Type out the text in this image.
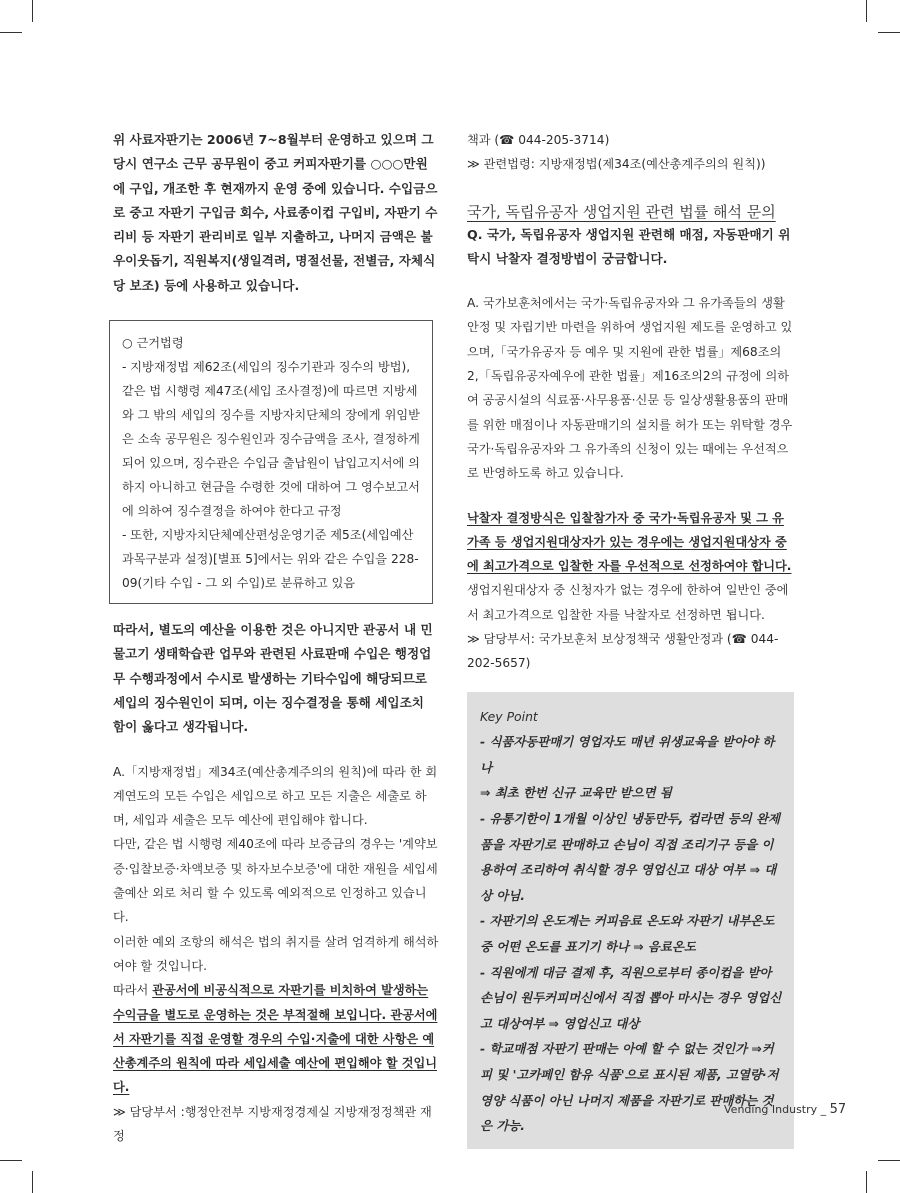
위 사료자판기는 2006년 7~8월부터 운영하고 있으며 그 당시 연구소 근무 공무원이 중고 커피자판기를 ○○○만원에 구입, 개조한 후 현재까지 운영 중에 있습니다. 수입금으로 중고 자판기 구입금 회수, 사료종이컵 구입비, 자판기 수리비 등 자판기 관리비로 일부 지출하고, 나머지 금액은 불우이웃돕기, 직원복지(생일격려, 명절선물, 전별금, 자체식당 보조) 등에 사용하고 있습니다.

○ 근거법령

- 지방재정법 제62조(세입의 징수기관과 징수의 방법), 같은 법 시행령 제47조(세입 조사결정)에 따르면 지방세와 그 밖의 세입의 징수를 지방자치단체의 장에게 위임받은 소속 공무원은 징수원인과 징수금액을 조사, 결정하게 되어 있으며, 징수관은 수입금 출납원이 납입고지서에 의하지 아니하고 현금을 수령한 것에 대하여 그 영수보고서에 의하여 징수결정을 하여야 한다고 규정

- 또한, 지방자치단체예산편성운영기준 제5조(세입예산 과목구분과 설정)[별표 5]에서는 위와 같은 수입을 228-09(기타 수입 - 그 외 수입)로 분류하고 있음

따라서, 별도의 예산을 이용한 것은 아니지만 관공서 내 민물고기 생태학습관 업무와 관련된 사료판매 수입은 행정업무 수행과정에서 수시로 발생하는 기타수입에 해당되므로 세입의 징수원인이 되며, 이는 징수결정을 통해 세입조치 함이 옳다고 생각됩니다.

A.「지방재정법」제34조(예산총계주의의 원칙)에 따라 한 회계연도의 모든 수입은 세입으로 하고 모든 지출은 세출로 하며, 세입과 세출은 모두 예산에 편입해야 합니다.

다만, 같은 법 시행령 제40조에 따라 보증금의 경우는 '계약보증·입찰보증·차액보증 및 하자보수보증'에 대한 재원을 세입세출예산 외로 처리 할 수 있도록 예외적으로 인정하고 있습니다.

이러한 예외 조항의 해석은 법의 취지를 살려 엄격하게 해석하여야 할 것입니다.

따라서 관공서에 비공식적으로 자판기를 비치하여 발생하는 수익금을 별도로 운영하는 것은 부적절해 보입니다. 관공서에서 자판기를 직접 운영할 경우의 수입·지출에 대한 사항은 예산총계주의 원칙에 따라 세입세출 예산에 편입해야 할 것입니다.

≫ 담당부서 :행정안전부 지방재정경제실 지방재정정책관 재정

책과 (☎ 044-205-3714)

≫ 관련법령: 지방재정법(제34조(예산총계주의의 원칙))

국가, 독립유공자 생업지원 관련 법률 해석 문의

Q. 국가, 독립유공자 생업지원 관련해 매점, 자동판매기 위탁시 낙찰자 결정방법이 궁금합니다.

A. 국가보훈처에서는 국가·독립유공자와 그 유가족들의 생활안정 및 자립기반 마련을 위하여 생업지원 제도를 운영하고 있으며,「국가유공자 등 예우 및 지원에 관한 법률」제68조의 2,「독립유공자예우에 관한 법률」제16조의2의 규정에 의하여 공공시설의 식료품·사무용품·신문 등 일상생활용품의 판매를 위한 매점이나 자동판매기의 설치를 허가 또는 위탁할 경우 국가·독립유공자와 그 유가족의 신청이 있는 때에는 우선적으로 반영하도록 하고 있습니다.

낙찰자 결정방식은 입찰참가자 중 국가·독립유공자 및 그 유가족 등 생업지원대상자가 있는 경우에는 생업지원대상자 중에 최고가격으로 입찰한 자를 우선적으로 선정하여야 합니다. 생업지원대상자 중 신청자가 없는 경우에 한하여 일반인 중에서 최고가격으로 입찰한 자를 낙찰자로 선정하면 됩니다.

≫ 담당부서: 국가보훈처 보상정책국 생활안정과 (☎ 044-202-5657)

Key Point

- 식품자동판매기 영업자도 매년 위생교육을 받아야 하나

⇒ 최초 한번 신규 교육만 받으면 됨

- 유통기한이 1개월 이상인 냉동만두, 컵라면 등의 완제품을 자판기로 판매하고 손님이 직접 조리기구 등을 이용하여 조리하여 취식할 경우 영업신고 대상 여부 ⇒ 대상 아님.

- 자판기의 온도계는 커피음료 온도와 자판기 내부온도 중 어떤 온도를 표기기 하나 ⇒ 음료온도

- 직원에게 대금 결제 후, 직원으로부터 종이컵을 받아 손님이 원두커피머신에서 직접 뽑아 마시는 경우 영업신고 대상여부 ⇒ 영업신고 대상

- 학교매점 자판기 판매는 아예 할 수 없는 것인가 ⇒커피 및 '고카페인 함유 식품'으로 표시된 제품, 고열량·저영양 식품이 아닌 나머지 제품을 자판기로 판매하는 것은 가능.

Vending Industry _ 57
